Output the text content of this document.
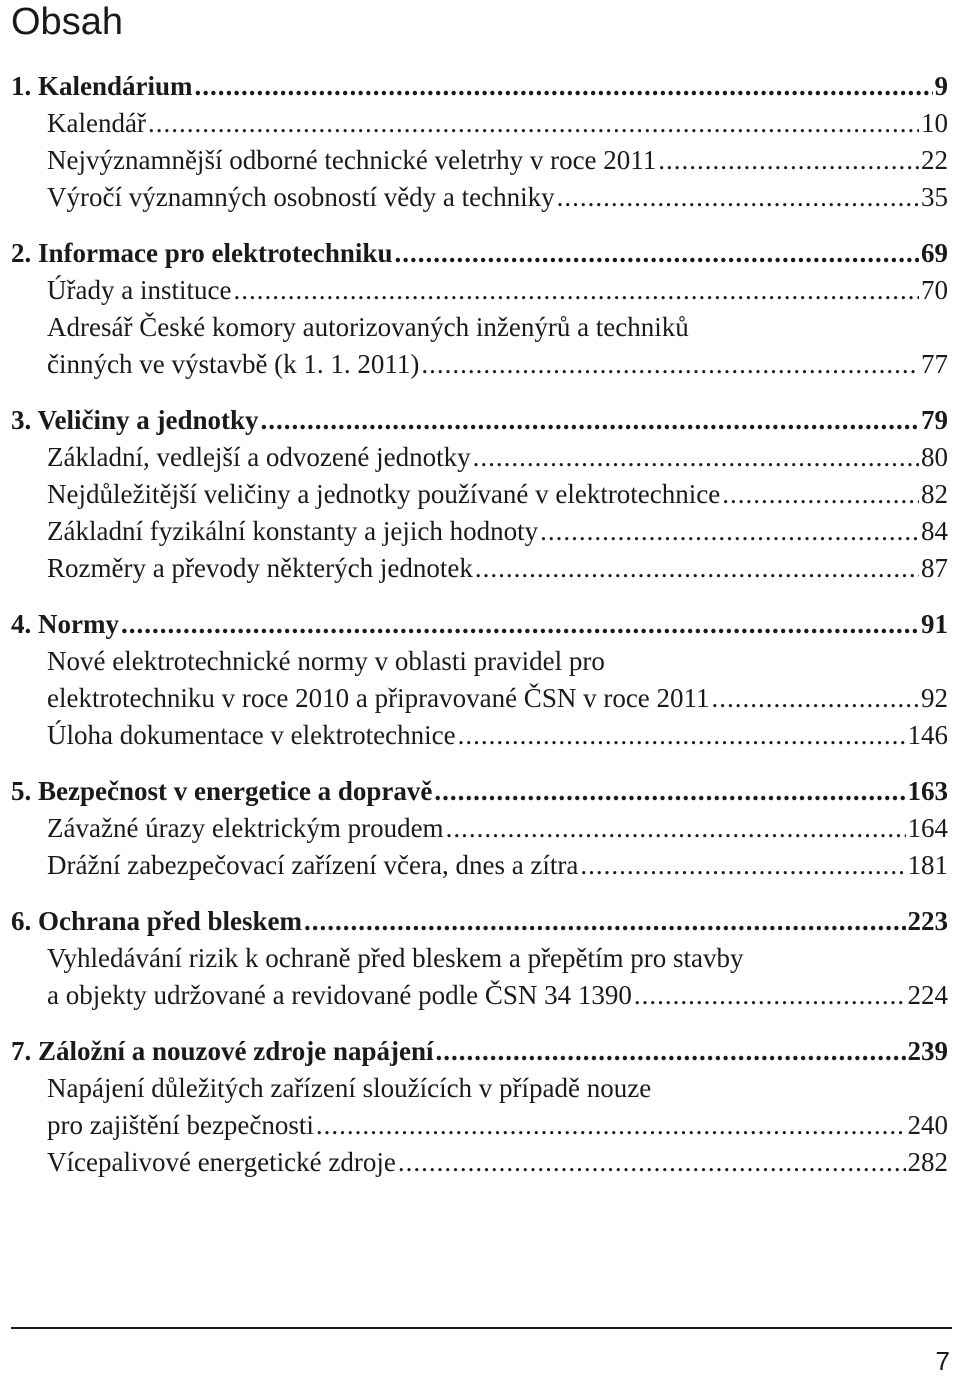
Obsah
1. Kalendárium .....	9
Kalendář .....	10
Nejvýznamnější odborné technické veletrhy v roce 2011 .....	22
Výročí významných osobností vědy a techniky .....	35
2. Informace pro elektrotechniku .....	69
Úřady a instituce .....	70
Adresář České komory autorizovaných inženýrů a techniků
činných ve výstavbě (k 1. 1. 2011) .....	77
3. Veličiny a jednotky .....	79
Základní, vedlejší a odvozené jednotky .....	80
Nejdůležitější veličiny a jednotky používané v elektrotechnice .....	82
Základní fyzikální konstanty a jejich hodnoty .....	84
Rozměry a převody některých jednotek .....	87
4. Normy .....	91
Nové elektrotechnické normy v oblasti pravidel pro
elektrotechniku v roce 2010 a připravované ČSN v roce 2011 .....	92
Úloha dokumentace v elektrotechnice .....	146
5. Bezpečnost v energetice a dopravě .....	163
Závažné úrazy elektrickým proudem .....	164
Drážní zabezpečovací zařízení včera, dnes a zítra .....	181
6. Ochrana před bleskem .....	223
Vyhledávání rizik k ochraně před bleskem a přepětím pro stavby
a objekty udržované a revidované podle ČSN 34 1390 .....	224
7. Záložní a nouzové zdroje napájení .....	239
Napájení důležitých zařízení sloužících v případě nouze
pro zajištění bezpečnosti .....	240
Vícepalivové energetické zdroje .....	282
7
